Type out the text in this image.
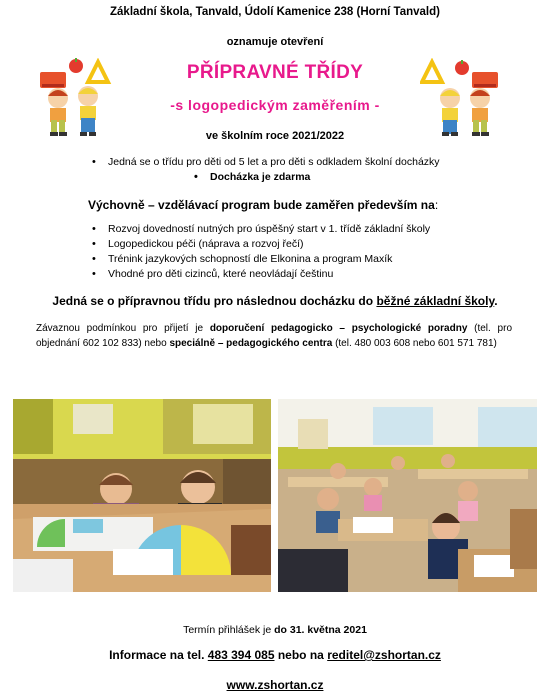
Základní škola, Tanvald, Údolí Kamenice 238 (Horní Tanvald)
oznamuje otevření
PŘÍPRAVNÉ TŘÍDY
-s logopedickým zaměřením -
ve školním roce 2021/2022
• Jedná se o třídu pro děti od 5 let a pro děti s odkladem školní docházky
• Docházka je zdarma
Výchovně – vzdělávací program bude zaměřen především na:
• Rozvoj dovedností nutných pro úspěšný start v 1. třídě základní školy
• Logopedickou péči (náprava a rozvoj řečí)
• Trénink jazykových schopností dle Elkonina a program Maxík
• Vhodné pro děti cizinců, které neovládají češtinu
Jedná se o přípravnou třídu pro následnou docházku do běžné základní školy.
Závaznou podmínkou pro přijetí je doporučení pedagogicko – psychologické poradny (tel. pro objednání 602 102 833) nebo speciálně – pedagogického centra (tel. 480 003 608 nebo 601 571 781)
Termín přihlášek je do 31. května 2021
Informace na tel. 483 394 085 nebo na reditel@zshortan.cz
www.zshortan.cz
